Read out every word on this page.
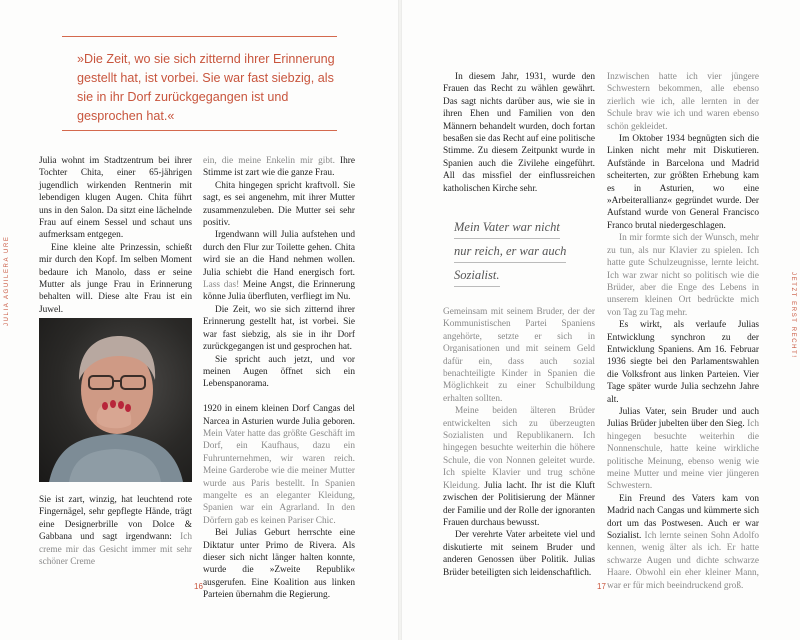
»Die Zeit, wo sie sich zitternd ihrer Erinnerung gestellt hat, ist vorbei. Sie war fast siebzig, als sie in ihr Dorf zurückgegangen ist und gesprochen hat.«
JULIA AGUILERA URE	JETZT ERST RECHT!

Julia wohnt im Stadtzentrum bei ihrer Tochter Chita, einer 65-jährigen jugendlich wirkenden Rentnerin mit lebendigen klugen Augen. Chita führt uns in den Salon. Da sitzt eine lächelnde Frau auf einem Sessel und schaut uns aufmerksam entgegen.

Eine kleine alte Prinzessin, schießt mir durch den Kopf. Im selben Moment bedaure ich Manolo, dass er seine Mutter als junge Frau in Erinnerung behalten will. Diese alte Frau ist ein Juwel.

Sie ist zart, winzig, hat leuchtend rote Fingernägel, sehr gepflegte Hände, trägt eine Designerbrille von Dolce & Gabbana und sagt irgendwann: Ich creme mir das Gesicht immer mit sehr schöner Creme

ein, die meine Enkelin mir gibt. Ihre Stimme ist zart wie die ganze Frau.

Chita hingegen spricht kraftvoll. Sie sagt, es sei angenehm, mit ihrer Mutter zusammenzuleben. Die Mutter sei sehr positiv.

Irgendwann will Julia aufstehen und durch den Flur zur Toilette gehen. Chita wird sie an die Hand nehmen wollen. Julia schiebt die Hand energisch fort. Lass das! Meine Angst, die Erinnerung könne Julia überfluten, verfliegt im Nu.

Die Zeit, wo sie sich zitternd ihrer Erinnerung gestellt hat, ist vorbei. Sie war fast siebzig, als sie in ihr Dorf zurückgegangen ist und gesprochen hat.

Sie spricht auch jetzt, und vor meinen Augen öffnet sich ein Lebenspanorama.

1920 in einem kleinen Dorf Cangas del Narcea in Asturien wurde Julia geboren. Mein Vater hatte das größte Geschäft im Dorf, ein Kaufhaus, dazu ein Fuhrunternehmen, wir waren reich. Meine Garderobe wie die meiner Mutter wurde aus Paris bestellt. In Spanien mangelte es an eleganter Kleidung, Spanien war ein Agrarland. In den Dörfern gab es keinen Pariser Chic.

Bei Julias Geburt herrschte eine Diktatur unter Primo de Rivera. Als dieser sich nicht länger halten konnte, wurde die »Zweite Republik« ausgerufen. Eine Koalition aus linken Parteien übernahm die Regierung.

16

In diesem Jahr, 1931, wurde den Frauen das Recht zu wählen gewährt. Das sagt nichts darüber aus, wie sie in ihren Ehen und Familien von den Männern behandelt wurden, doch fortan besaßen sie das Recht auf eine politische Stimme. Zu diesem Zeitpunkt wurde in Spanien auch die Zivilehe eingeführt. All das missfiel der einflussreichen katholischen Kirche sehr.

Mein Vater war nicht
nur reich, er war auch
Sozialist.

Gemeinsam mit seinem Bruder, der der Kommunistischen Partei Spaniens angehörte, setzte er sich in Organisationen und mit seinem Geld dafür ein, dass auch sozial benachteiligte Kinder in Spanien die Möglichkeit zu einer Schulbildung erhalten sollten.

Meine beiden älteren Brüder entwickelten sich zu überzeugten Sozialisten und Republikanern. Ich hingegen besuchte weiterhin die höhere Schule, die von Nonnen geleitet wurde. Ich spielte Klavier und trug schöne Kleidung. Julia lacht. Ihr ist die Kluft zwischen der Politisierung der Männer der Familie und der Rolle der ignoranten Frauen durchaus bewusst.

Der verehrte Vater arbeitete viel und diskutierte mit seinem Bruder und anderen Genossen über Politik. Julias Brüder beteiligten sich leidenschaftlich.

Inzwischen hatte ich vier jüngere Schwestern bekommen, alle ebenso zierlich wie ich, alle lernten in der Schule brav wie ich und waren ebenso schön gekleidet.

Im Oktober 1934 begnügten sich die Linken nicht mehr mit Diskutieren. Aufstände in Barcelona und Madrid scheiterten, zur größten Erhebung kam es in Asturien, wo eine »Arbeiterallianz« gegründet wurde. Der Aufstand wurde von General Francisco Franco brutal niedergeschlagen.

In mir formte sich der Wunsch, mehr zu tun, als nur Klavier zu spielen. Ich hatte gute Schulzeugnisse, lernte leicht. Ich war zwar nicht so politisch wie die Brüder, aber die Enge des Lebens in unserem kleinen Ort bedrückte mich von Tag zu Tag mehr.

Es wirkt, als verlaufe Julias Entwicklung synchron zu der Entwicklung Spaniens. Am 16. Februar 1936 siegte bei den Parlamentswahlen die Volksfront aus linken Parteien. Vier Tage später wurde Julia sechzehn Jahre alt.

Julias Vater, sein Bruder und auch Julias Brüder jubelten über den Sieg. Ich hingegen besuchte weiterhin die Nonnenschule, hatte keine wirkliche politische Meinung, ebenso wenig wie meine Mutter und meine vier jüngeren Schwestern.

Ein Freund des Vaters kam von Madrid nach Cangas und kümmerte sich dort um das Postwesen. Auch er war Sozialist. Ich lernte seinen Sohn Adolfo kennen, wenig älter als ich. Er hatte schwarze Augen und dichte schwarze Haare. Obwohl ein eher kleiner Mann, war er für mich beeindruckend groß.

17
